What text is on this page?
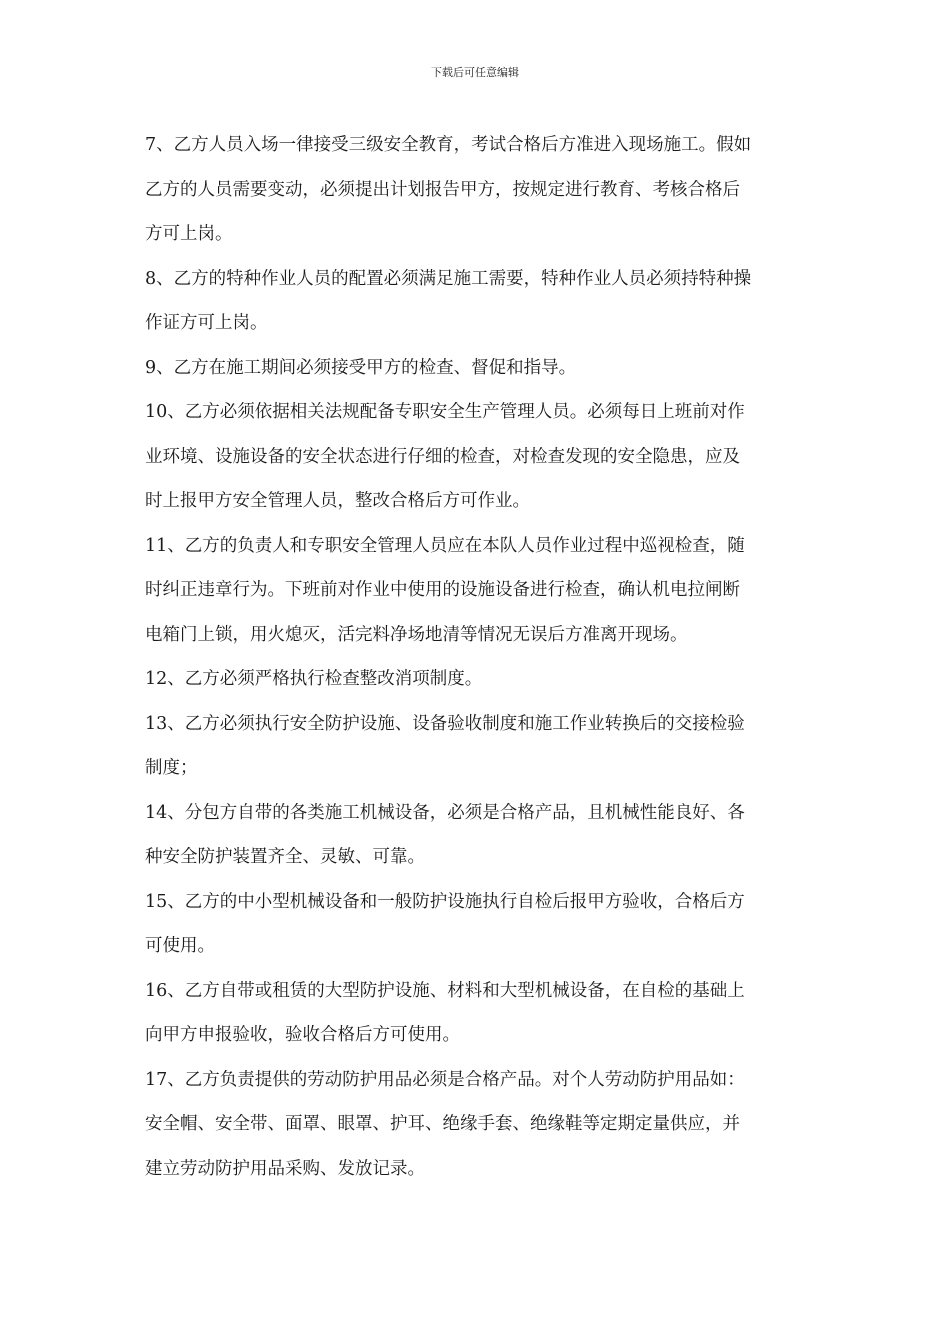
下载后可任意编辑
7、乙方人员入场一律接受三级安全教育，考试合格后方准进入现场施工。假如
乙方的人员需要变动，必须提出计划报告甲方，按规定进行教育、考核合格后
方可上岗。
8、乙方的特种作业人员的配置必须满足施工需要，特种作业人员必须持特种操
作证方可上岗。
9、乙方在施工期间必须接受甲方的检查、督促和指导。
10、乙方必须依据相关法规配备专职安全生产管理人员。必须每日上班前对作
业环境、设施设备的安全状态进行仔细的检查，对检查发现的安全隐患，应及
时上报甲方安全管理人员，整改合格后方可作业。
11、乙方的负责人和专职安全管理人员应在本队人员作业过程中巡视检查，随
时纠正违章行为。下班前对作业中使用的设施设备进行检查，确认机电拉闸断
电箱门上锁，用火熄灭，活完料净场地清等情况无误后方准离开现场。
12、乙方必须严格执行检查整改消项制度。
13、乙方必须执行安全防护设施、设备验收制度和施工作业转换后的交接检验
制度；
14、分包方自带的各类施工机械设备，必须是合格产品，且机械性能良好、各
种安全防护装置齐全、灵敏、可靠。
15、乙方的中小型机械设备和一般防护设施执行自检后报甲方验收，合格后方
可使用。
16、乙方自带或租赁的大型防护设施、材料和大型机械设备，在自检的基础上
向甲方申报验收，验收合格后方可使用。
17、乙方负责提供的劳动防护用品必须是合格产品。对个人劳动防护用品如：
安全帽、安全带、面罩、眼罩、护耳、绝缘手套、绝缘鞋等定期定量供应，并
建立劳动防护用品采购、发放记录。
